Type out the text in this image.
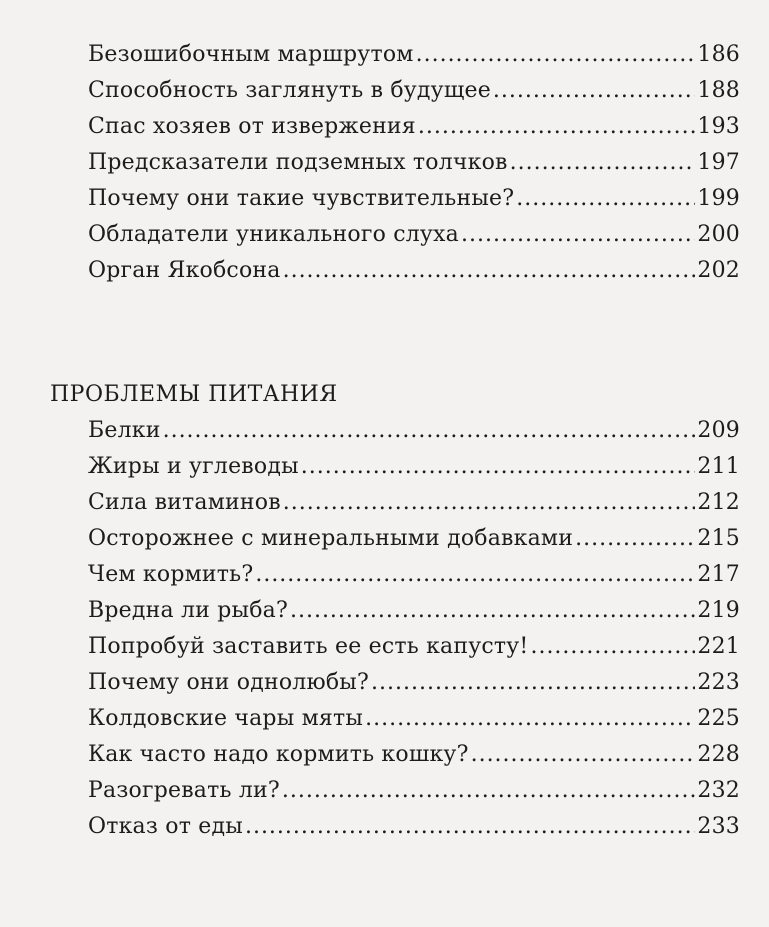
Безошибочным маршрутом .....	186
Способность заглянуть в будущее .....	188
Спас хозяев от извержения .....	193
Предсказатели подземных толчков .....	197
Почему они такие чувствительные? .....	199
Обладатели уникального слуха .....	200
Орган Якобсона .....	202
ПРОБЛЕМЫ ПИТАНИЯ
Белки .....	209
Жиры и углеводы .....	211
Сила витаминов .....	212
Осторожнее с минеральными добавками .....	215
Чем кормить? .....	217
Вредна ли рыба? .....	219
Попробуй заставить ее есть капусту! .....	221
Почему они однолюбы? .....	223
Колдовские чары мяты .....	225
Как часто надо кормить кошку? .....	228
Разогревать ли? .....	232
Отказ от еды .....	233
